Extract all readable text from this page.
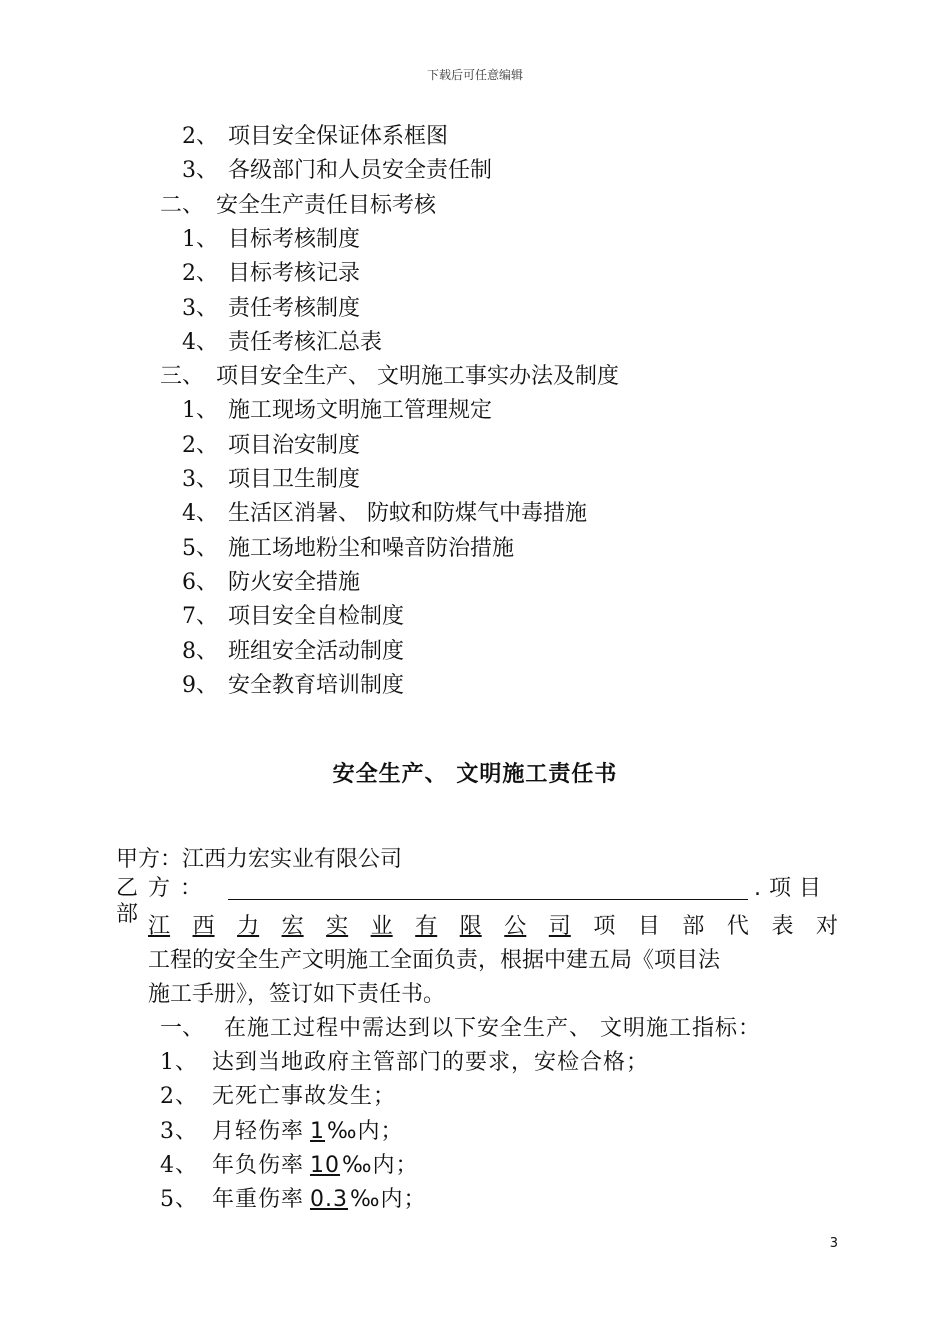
下载后可任意编辑
2、 项目安全保证体系框图
3、 各级部门和人员安全责任制
二、 安全生产责任目标考核
1、 目标考核制度
2、 目标考核记录
3、 责任考核制度
4、 责任考核汇总表
三、 项目安全生产、 文明施工事实办法及制度
1、 施工现场文明施工管理规定
2、 项目治安制度
3、 项目卫生制度
4、 生活区消暑、 防蚊和防煤气中毒措施
5、 施工场地粉尘和噪音防治措施
6、 防火安全措施
7、 项目安全自检制度
8、 班组安全活动制度
9、 安全教育培训制度
安全生产、 文明施工责任书
甲方：江西力宏实业有限公司
乙方：	.项目部 江 西 力 宏 实 业 有 限 公 司 项 目 部 代 表 对
工程的安全生产文明施工全面负责，根据中建五局《项目法
施工手册》，签订如下责任书。
一、 在施工过程中需达到以下安全生产、 文明施工指标：
1、 达到当地政府主管部门的要求，安检合格；
2、 无死亡事故发生；
3、 月轻伤率 1‰内；
4、 年负伤率 10‰内；
5、 年重伤率 0.3‰内；
3
